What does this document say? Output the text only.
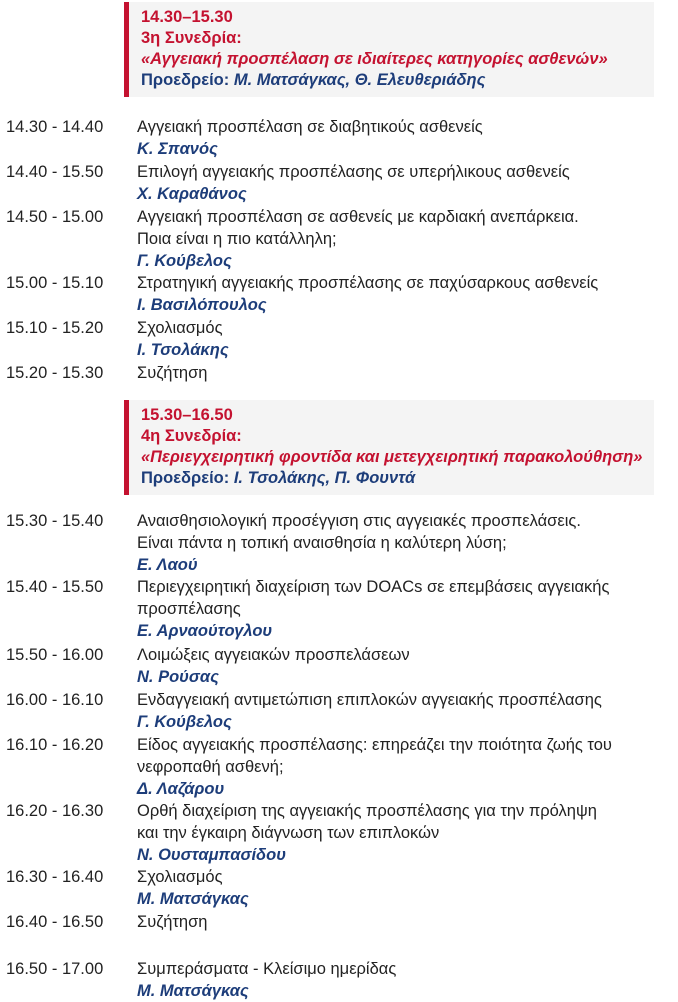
14.30–15.30
3η Συνεδρία:
«Αγγειακή προσπέλαση σε ιδιαίτερες κατηγορίες ασθενών»
Προεδρείο: Μ. Ματσάγκας, Θ. Ελευθεριάδης
15.30–16.50
4η Συνεδρία:
«Περιεγχειρητική φροντίδα και μετεγχειρητική παρακολούθηση»
Προεδρείο: Ι. Τσολάκης, Π. Φουντά
14.30 - 14.40 Αγγειακή προσπέλαση σε διαβητικούς ασθενείς
Κ. Σπανός
14.40 - 15.50 Επιλογή αγγειακής προσπέλασης σε υπερήλικους ασθενείς
Χ. Καραθάνος
14.50 - 15.00 Αγγειακή προσπέλαση σε ασθενείς με καρδιακή ανεπάρκεια.
Ποια είναι η πιο κατάλληλη;
Γ. Κούβελος
15.00 - 15.10 Στρατηγική αγγειακής προσπέλασης σε παχύσαρκους ασθενείς
Ι. Βασιλόπουλος
15.10 - 15.20 Σχολιασμός
Ι. Τσολάκης
15.20 - 15.30 Συζήτηση
15.30 - 15.40 Αναισθησιολογική προσέγγιση στις αγγειακές προσπελάσεις.
Είναι πάντα η τοπική αναισθησία η καλύτερη λύση;
Ε. Λαού
15.40 - 15.50 Περιεγχειρητική διαχείριση των DOACs σε επεμβάσεις αγγειακής
προσπέλασης
Ε. Αρναούτογλου
15.50 - 16.00 Λοιμώξεις αγγειακών προσπελάσεων
Ν. Ρούσας
16.00 - 16.10 Ενδαγγειακή αντιμετώπιση επιπλοκών αγγειακής προσπέλασης
Γ. Κούβελος
16.10 - 16.20 Είδος αγγειακής προσπέλασης: επηρεάζει την ποιότητα ζωής του
νεφροπαθή ασθενή;
Δ. Λαζάρου
16.20 - 16.30 Ορθή διαχείριση της αγγειακής προσπέλασης για την πρόληψη
και την έγκαιρη διάγνωση των επιπλοκών
Ν. Ουσταμπασίδου
16.30 - 16.40 Σχολιασμός
Μ. Ματσάγκας
16.40 - 16.50 Συζήτηση
16.50 - 17.00 Συμπεράσματα - Κλείσιμο ημερίδας
Μ. Ματσάγκας
